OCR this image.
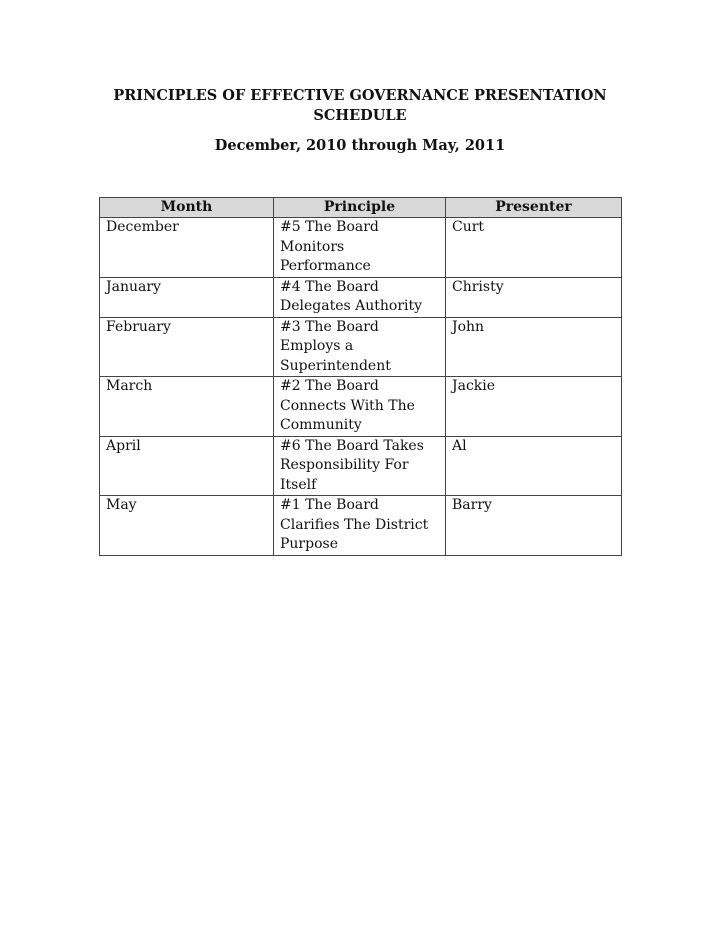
PRINCIPLES OF EFFECTIVE GOVERNANCE PRESENTATION
SCHEDULE
December, 2010 through May, 2011
Month	Principle	Presenter
December	#5 The Board Monitors Performance	Curt
January	#4 The Board Delegates Authority	Christy
February	#3 The Board Employs a Superintendent	John
March	#2 The Board Connects With The Community	Jackie
April	#6 The Board Takes Responsibility For Itself	Al
May	#1 The Board Clarifies The District Purpose	Barry
